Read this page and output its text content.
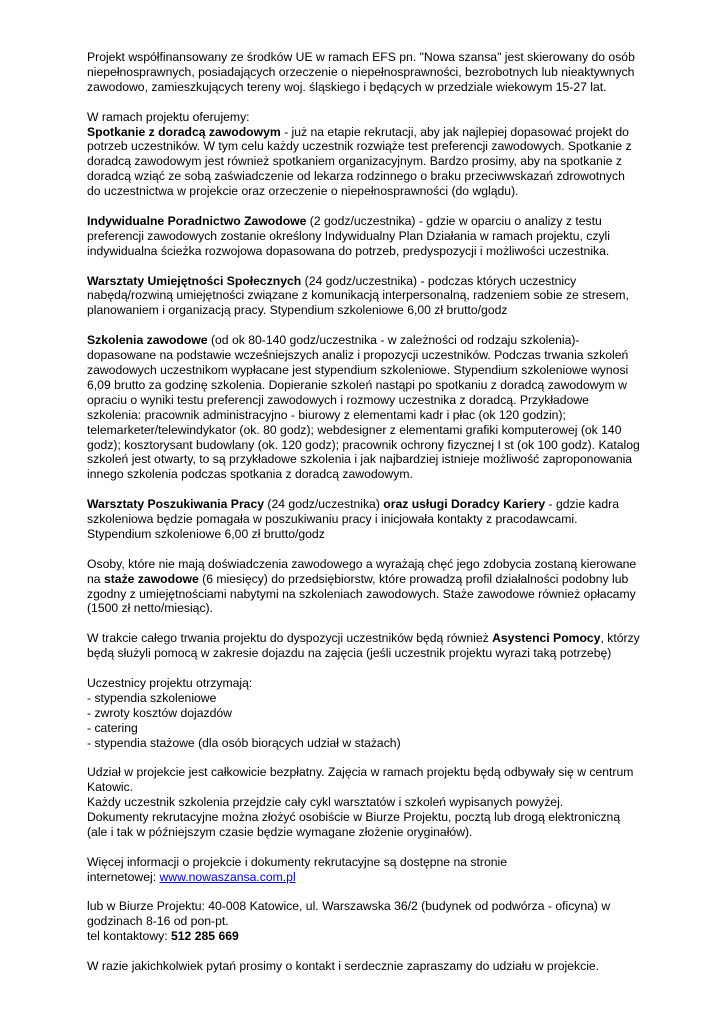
Projekt współfinansowany ze środków UE w ramach EFS pn. "Nowa szansa" jest skierowany do osób
niepełnosprawnych, posiadających orzeczenie o niepełnosprawności, bezrobotnych lub nieaktywnych
zawodowo, zamieszkujących tereny woj. śląskiego i będących w przedziale wiekowym 15-27 lat.

W ramach projektu oferujemy:
Spotkanie z doradcą zawodowym - już na etapie rekrutacji, aby jak najlepiej dopasować projekt do
potrzeb uczestników. W tym celu każdy uczestnik rozwiąże test preferencji zawodowych. Spotkanie z
doradcą zawodowym jest również spotkaniem organizacyjnym. Bardzo prosimy, aby na spotkanie z
doradcą wziąć ze sobą zaświadczenie od lekarza rodzinnego o braku przeciwwskazań zdrowotnych
do uczestnictwa w projekcie oraz orzeczenie o niepełnosprawności (do wglądu).

Indywidualne Poradnictwo Zawodowe (2 godz/uczestnika) - gdzie w oparciu o analizy z testu
preferencji zawodowych zostanie określony Indywidualny Plan Działania w ramach projektu, czyli
indywidualna ścieżka rozwojowa dopasowana do potrzeb, predyspozycji i możliwości uczestnika.

Warsztaty Umiejętności Społecznych (24 godz/uczestnika) - podczas których uczestnicy
nabędą/rozwiną umiejętności związane z komunikacją interpersonalną, radzeniem sobie ze stresem,
planowaniem i organizacją pracy. Stypendium szkoleniowe 6,00 zł brutto/godz

Szkolenia zawodowe (od ok 80-140 godz/uczestnika - w zależności od rodzaju szkolenia)-
dopasowane na podstawie wcześniejszych analiz i propozycji uczestników. Podczas trwania szkoleń
zawodowych uczestnikom wypłacane jest stypendium szkoleniowe. Stypendium szkoleniowe wynosi
6,09 brutto za godzinę szkolenia. Dopieranie szkoleń nastąpi po spotkaniu z doradcą zawodowym w
opraciu o wyniki testu preferencji zawodowych i rozmowy uczestnika z doradcą. Przykładowe
szkolenia: pracownik administracyjno - biurowy z elementami kadr i płac (ok 120 godzin);
telemarketer/telewindykator (ok. 80 godz); webdesigner z elementami grafiki komputerowej (ok 140
godz); kosztorysant budowlany (ok. 120 godz); pracownik ochrony fizycznej I st (ok 100 godz). Katalog
szkoleń jest otwarty, to są przykładowe szkolenia i jak najbardziej istnieje możliwość zaproponowania
innego szkolenia podczas spotkania z doradcą zawodowym.

Warsztaty Poszukiwania Pracy (24 godz/uczestnika) oraz usługi Doradcy Kariery - gdzie kadra
szkoleniowa będzie pomagała w poszukiwaniu pracy i inicjowała kontakty z pracodawcami.
Stypendium szkoleniowe 6,00 zł brutto/godz

Osoby, które nie mają doświadczenia zawodowego a wyrażają chęć jego zdobycia zostaną kierowane
na staże zawodowe (6 miesięcy) do przedsiębiorstw, które prowadzą profil działalności podobny lub
zgodny z umiejętnościami nabytymi na szkoleniach zawodowych. Staże zawodowe również opłacamy
(1500 zł netto/miesiąc).

W trakcie całego trwania projektu do dyspozycji uczestników będą również Asystenci Pomocy, którzy
będą służyli pomocą w zakresie dojazdu na zajęcia (jeśli uczestnik projektu wyrazi taką potrzebę)

Uczestnicy projektu otrzymają:
- stypendia szkoleniowe
- zwroty kosztów dojazdów
- catering
- stypendia stażowe (dla osób biorących udział w stażach)

Udział w projekcie jest całkowicie bezpłatny. Zajęcia w ramach projektu będą odbywały się w centrum
Katowic.
Każdy uczestnik szkolenia przejdzie cały cykl warsztatów i szkoleń wypisanych powyżej.
Dokumenty rekrutacyjne można złożyć osobiście w Biurze Projektu, pocztą lub drogą elektroniczną
(ale i tak w późniejszym czasie będzie wymagane złożenie oryginałów).

Więcej informacji o projekcie i dokumenty rekrutacyjne są dostępne na stronie
internetowej: www.nowaszansa.com.pl

lub w Biurze Projektu: 40-008 Katowice, ul. Warszawska 36/2 (budynek od podwórza - oficyna) w
godzinach 8-16 od pon-pt.
tel kontaktowy: 512 285 669

W razie jakichkolwiek pytań prosimy o kontakt i serdecznie zapraszamy do udziału w projekcie.
